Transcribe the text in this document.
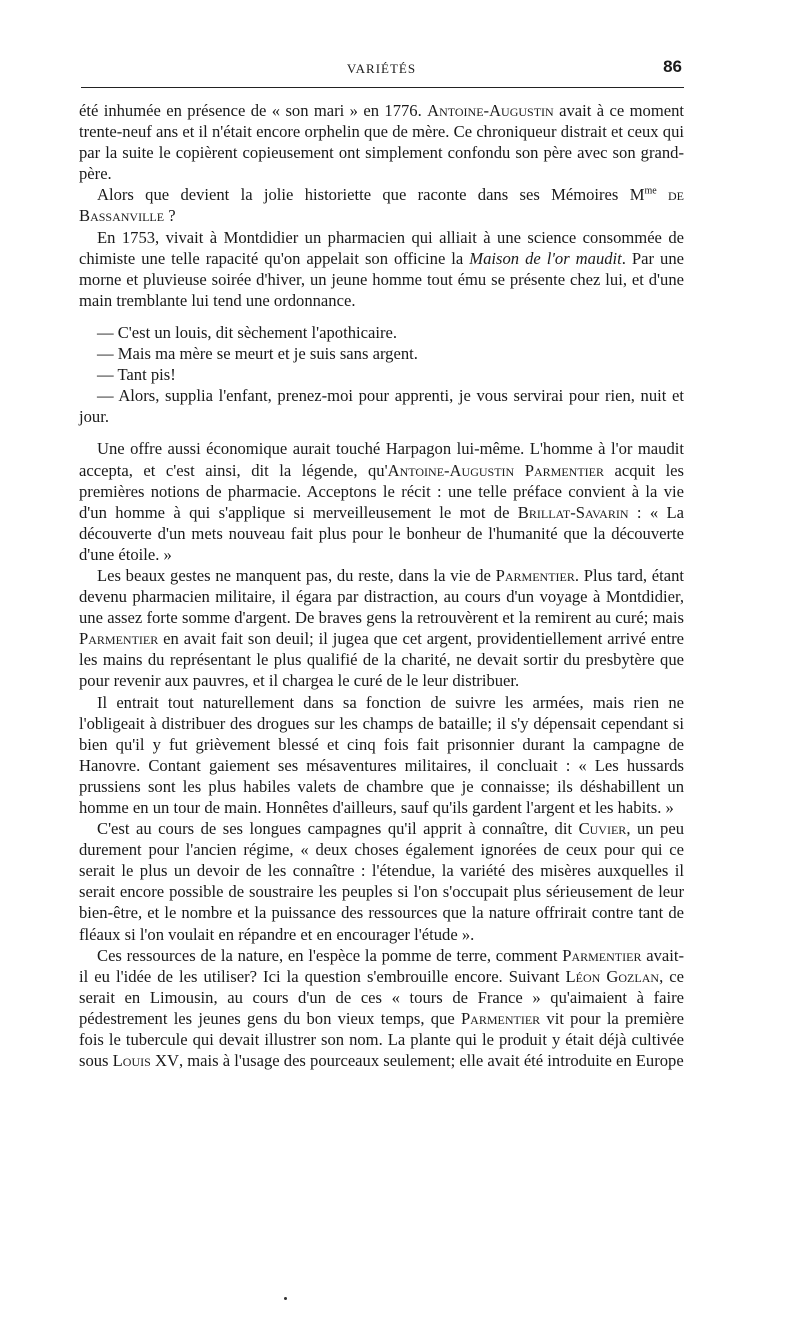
VARIÉTÉS	86

été inhumée en présence de « son mari » en 1776. Antoine-Augustin avait à ce moment trente-neuf ans et il n'était encore orphelin que de mère. Ce chroniqueur distrait et ceux qui par la suite le copièrent copieusement ont simplement confondu son père avec son grand-père.

Alors que devient la jolie historiette que raconte dans ses Mémoires $M^{me}$ de Bassanville ?

En 1753, vivait à Montdidier un pharmacien qui alliait à une science consommée de chimiste une telle rapacité qu'on appelait son officine la Maison de l'or maudit. Par une morne et pluvieuse soirée d'hiver, un jeune homme tout ému se présente chez lui, et d'une main tremblante lui tend une ordonnance.

— C'est un louis, dit sèchement l'apothicaire.

— Mais ma mère se meurt et je suis sans argent.

— Tant pis!

— Alors, supplia l'enfant, prenez-moi pour apprenti, je vous servirai pour rien, nuit et jour.

Une offre aussi économique aurait touché Harpagon lui-même. L'homme à l'or maudit accepta, et c'est ainsi, dit la légende, qu'Antoine-Augustin Parmentier acquit les premières notions de pharmacie. Acceptons le récit : une telle préface convient à la vie d'un homme à qui s'applique si merveilleusement le mot de Brillat-Savarin : « La découverte d'un mets nouveau fait plus pour le bonheur de l'humanité que la découverte d'une étoile. »

Les beaux gestes ne manquent pas, du reste, dans la vie de Parmentier. Plus tard, étant devenu pharmacien militaire, il égara par distraction, au cours d'un voyage à Montdidier, une assez forte somme d'argent. De braves gens la retrouvèrent et la remirent au curé; mais Parmentier en avait fait son deuil; il jugea que cet argent, providentiellement arrivé entre les mains du représentant le plus qualifié de la charité, ne devait sortir du presbytère que pour revenir aux pauvres, et il chargea le curé de le leur distribuer.

Il entrait tout naturellement dans sa fonction de suivre les armées, mais rien ne l'obligeait à distribuer des drogues sur les champs de bataille; il s'y dépensait cependant si bien qu'il y fut grièvement blessé et cinq fois fait prisonnier durant la campagne de Hanovre. Contant gaiement ses mésaventures militaires, il concluait : « Les hussards prussiens sont les plus habiles valets de chambre que je connaisse; ils déshabillent un homme en un tour de main. Honnêtes d'ailleurs, sauf qu'ils gardent l'argent et les habits. »

C'est au cours de ses longues campagnes qu'il apprit à connaître, dit Cuvier, un peu durement pour l'ancien régime, « deux choses également ignorées de ceux pour qui ce serait le plus un devoir de les connaître : l'étendue, la variété des misères auxquelles il serait encore possible de soustraire les peuples si l'on s'occupait plus sérieusement de leur bien-être, et le nombre et la puissance des ressources que la nature offrirait contre tant de fléaux si l'on voulait en répandre et en encourager l'étude ».

Ces ressources de la nature, en l'espèce la pomme de terre, comment Parmentier avait-il eu l'idée de les utiliser? Ici la question s'embrouille encore. Suivant Léon Gozlan, ce serait en Limousin, au cours d'un de ces « tours de France » qu'aimaient à faire pédestrement les jeunes gens du bon vieux temps, que Parmentier vit pour la première fois le tubercule qui devait illustrer son nom. La plante qui le produit y était déjà cultivée sous Louis XV, mais à l'usage des pourceaux seulement; elle avait été introduite en Europe
